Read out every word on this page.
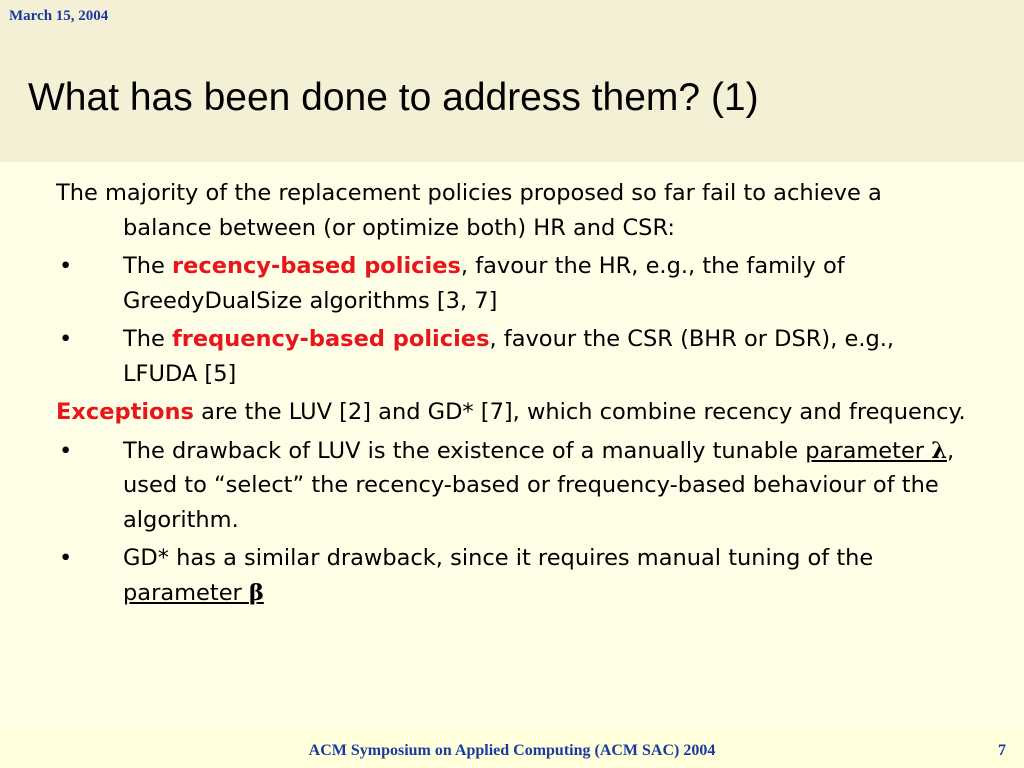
March 15, 2004
What has been done to address them? (1)

The majority of the replacement policies proposed so far fail to achieve a balance between (or optimize both) HR and CSR:

• The recency-based policies, favour the HR, e.g., the family of GreedyDualSize algorithms [3, 7]
• The frequency-based policies, favour the CSR (BHR or DSR), e.g., LFUDA [5]

Exceptions are the LUV [2] and GD* [7], which combine recency and frequency.

• The drawback of LUV is the existence of a manually tunable parameter λ, used to “select” the recency-based or frequency-based behaviour of the algorithm.
• GD* has a similar drawback, since it requires manual tuning of the parameter β
ACM Symposium on Applied Computing (ACM SAC) 2004	7
